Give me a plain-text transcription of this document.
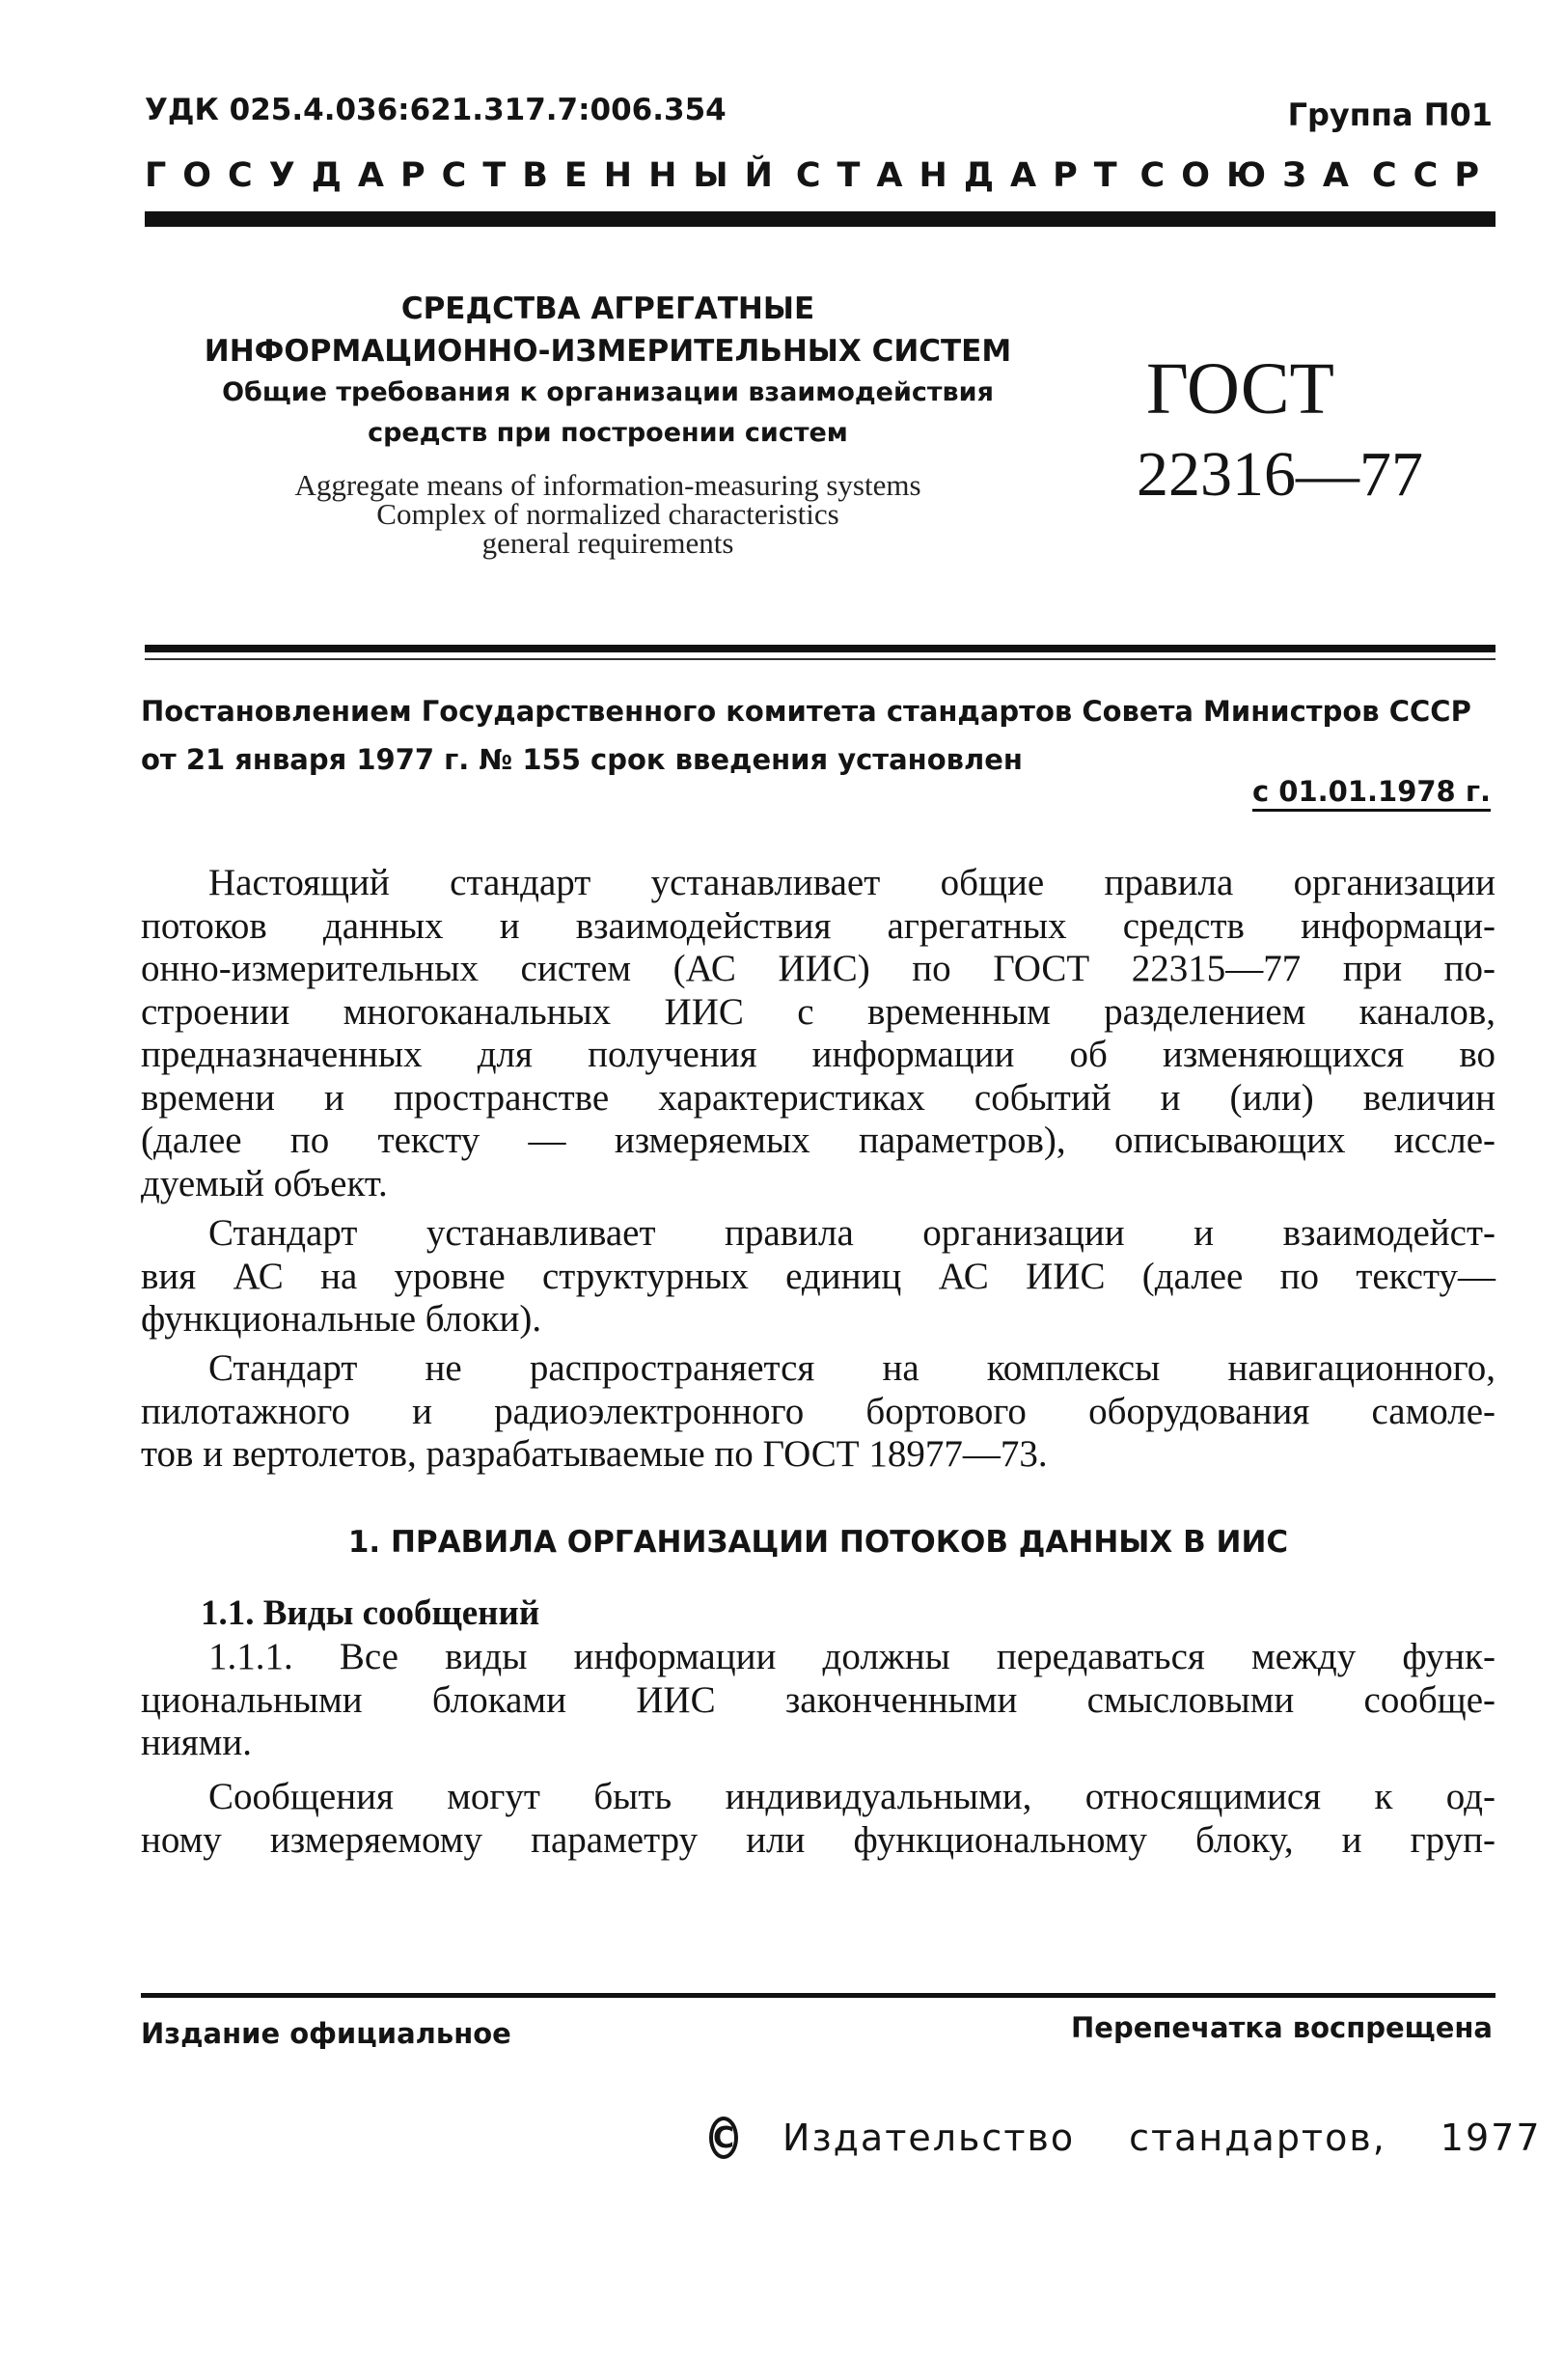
УДК 025.4.036:621.317.7:006.354	Группа П01
ГОСУДАРСТВЕННЫЙ СТАНДАРТ СОЮЗА ССР
СРЕДСТВА АГРЕГАТНЫЕ
ИНФОРМАЦИОННО-ИЗМЕРИТЕЛЬНЫХ СИСТЕМ
Общие требования к организации взаимодействия
средств при построении систем
Aggregate means of information-measuring systems
Complex of normalized characteristics
general requirements
ГОСТ
22316—77
Постановлением Государственного комитета стандартов Совета Министров СССР
от 21 января 1977 г. № 155 срок введения установлен
с 01.01.1978 г.
Настоящий стандарт устанавливает общие правила организации
потоков данных и взаимодействия агрегатных средств информаци-
онно-измерительных систем (АС ИИС) по ГОСТ 22315—77 при по-
строении многоканальных ИИС с временным разделением каналов,
предназначенных для получения информации об изменяющихся во
времени и пространстве характеристиках событий и (или) величин
(далее по тексту — измеряемых параметров), описывающих иссле-
дуемый объект.
Стандарт устанавливает правила организации и взаимодейст-
вия АС на уровне структурных единиц АС ИИС (далее по тексту—
функциональные блоки).
Стандарт не распространяется на комплексы навигационного,
пилотажного и радиоэлектронного бортового оборудования самоле-
тов и вертолетов, разрабатываемые по ГОСТ 18977—73.
1. ПРАВИЛА ОРГАНИЗАЦИИ ПОТОКОВ ДАННЫХ В ИИС
1.1. Виды сообщений
1.1.1. Все виды информации должны передаваться между функ-
циональными блоками ИИС законченными смысловыми сообще-
ниями.
Сообщения могут быть индивидуальными, относящимися к од-
ному измеряемому параметру или функциональному блоку, и груп-
Издание официальное	Перепечатка воспрещена
C Издательство стандартов, 1977
